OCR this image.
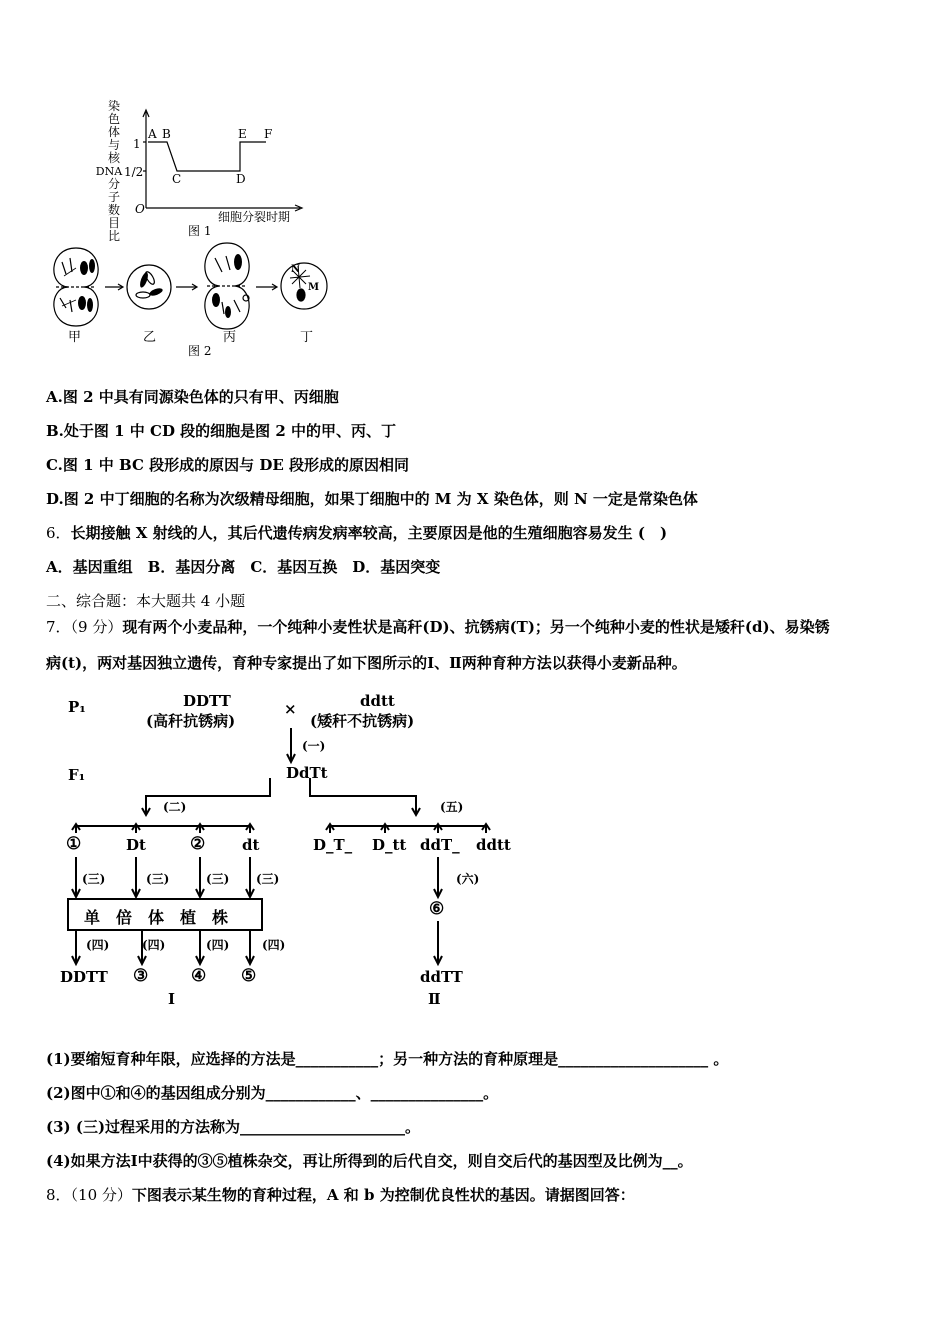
染
色
体
与
核
DNA
分
子
数
目
比
1
1/2
O
A B
C	D
E F
细胞分裂时期
图 1
甲	乙	丙	丁
N
M
图 2
A.图 2 中具有同源染色体的只有甲、丙细胞
B.处于图 1 中 CD 段的细胞是图 2 中的甲、丙、丁
C.图 1 中 BC 段形成的原因与 DE 段形成的原因相同
D.图 2 中丁细胞的名称为次级精母细胞，如果丁细胞中的 M 为 X 染色体，则 N 一定是常染色体
6．长期接触 X 射线的人，其后代遗传病发病率较高，主要原因是他的生殖细胞容易发生 (　)
A．基因重组　B．基因分离　C．基因互换　D．基因突变
二、综合题：本大题共 4 小题
7．（9 分）现有两个小麦品种，一个纯种小麦性状是高秆(D)、抗锈病(T)；另一个纯种小麦的性状是矮秆(d)、易染锈
病(t)，两对基因独立遗传，育种专家提出了如下图所示的Ⅰ、Ⅱ两种育种方法以获得小麦新品种。
P₁	DDTT
(高秆抗锈病)
×	ddtt
(矮秆不抗锈病)
(一)
F₁	DdTt
(二)	(五)
①	Dt	② dt
(三)	(三)	(三) (三)
单　倍　体　植　株
(四)	(四)	(四)	(四)
DDTT ③	④ ⑤
Ⅰ
D_T_ D_tt ddT_ ddtt
(六)
⑥
ddTT
Ⅱ
(1)要缩短育种年限，应选择的方法是___________；另一种方法的育种原理是____________________ 。
(2)图中①和④的基因组成分别为____________、_______________。
(3) (三)过程采用的方法称为______________________。
(4)如果方法Ⅰ中获得的③⑤植株杂交，再让所得到的后代自交，则自交后代的基因型及比例为__。
8．（10 分）下图表示某生物的育种过程，A 和 b 为控制优良性状的基因。请据图回答：
